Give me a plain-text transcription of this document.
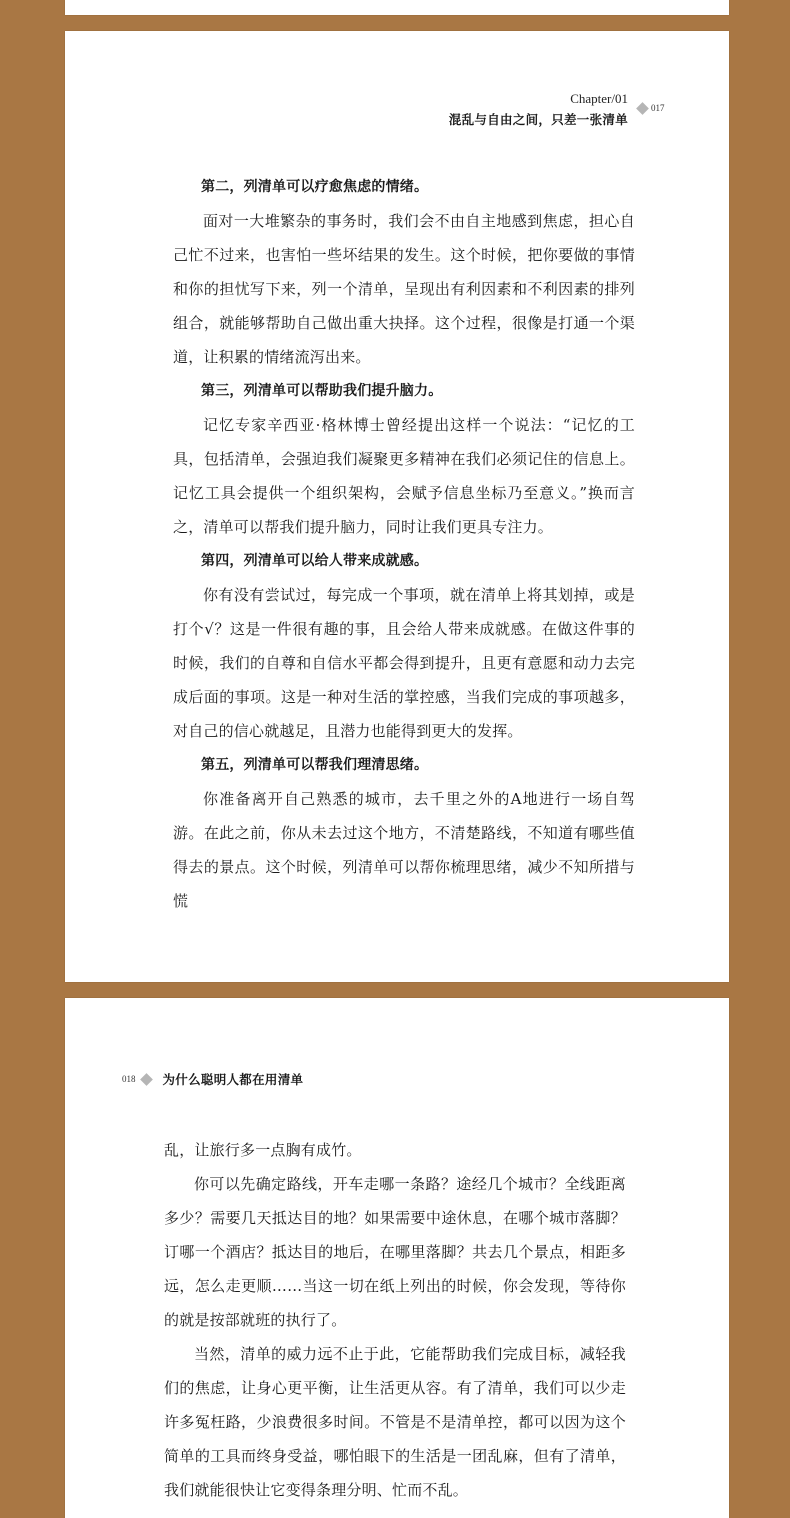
Chapter/01
混乱与自由之间，只差一张清单
017

第二，列清单可以疗愈焦虑的情绪。

面对一大堆繁杂的事务时，我们会不由自主地感到焦虑，担心自己忙不过来，也害怕一些坏结果的发生。这个时候，把你要做的事情和你的担忧写下来，列一个清单，呈现出有利因素和不利因素的排列组合，就能够帮助自己做出重大抉择。这个过程，很像是打通一个渠道，让积累的情绪流泻出来。

第三，列清单可以帮助我们提升脑力。

记忆专家辛西亚·格林博士曾经提出这样一个说法：“记忆的工具，包括清单，会强迫我们凝聚更多精神在我们必须记住的信息上。记忆工具会提供一个组织架构，会赋予信息坐标乃至意义。”换而言之，清单可以帮我们提升脑力，同时让我们更具专注力。

第四，列清单可以给人带来成就感。

你有没有尝试过，每完成一个事项，就在清单上将其划掉，或是打个√？这是一件很有趣的事，且会给人带来成就感。在做这件事的时候，我们的自尊和自信水平都会得到提升，且更有意愿和动力去完成后面的事项。这是一种对生活的掌控感，当我们完成的事项越多，对自己的信心就越足，且潜力也能得到更大的发挥。

第五，列清单可以帮我们理清思绪。

你准备离开自己熟悉的城市，去千里之外的A地进行一场自驾游。在此之前，你从未去过这个地方，不清楚路线，不知道有哪些值得去的景点。这个时候，列清单可以帮你梳理思绪，减少不知所措与慌

018 为什么聪明人都在用清单

乱，让旅行多一点胸有成竹。

你可以先确定路线，开车走哪一条路？途经几个城市？全线距离多少？需要几天抵达目的地？如果需要中途休息，在哪个城市落脚？订哪一个酒店？抵达目的地后，在哪里落脚？共去几个景点，相距多远，怎么走更顺……当这一切在纸上列出的时候，你会发现，等待你的就是按部就班的执行了。

当然，清单的威力远不止于此，它能帮助我们完成目标，减轻我们的焦虑，让身心更平衡，让生活更从容。有了清单，我们可以少走许多冤枉路，少浪费很多时间。不管是不是清单控，都可以因为这个简单的工具而终身受益，哪怕眼下的生活是一团乱麻，但有了清单，我们就能很快让它变得条理分明、忙而不乱。
